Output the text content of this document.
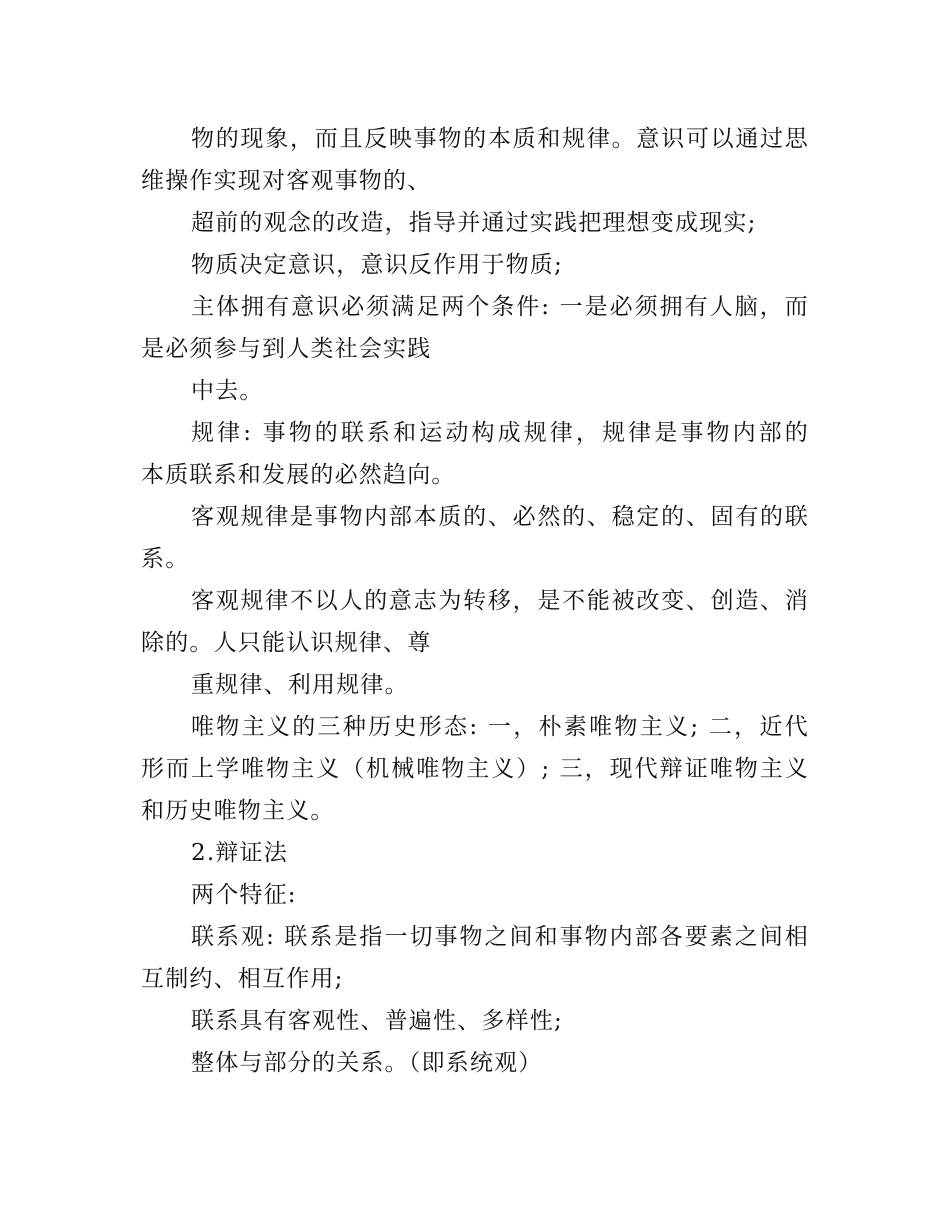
物的现象，而且反映事物的本质和规律。意识可以通过思
维操作实现对客观事物的、
超前的观念的改造，指导并通过实践把理想变成现实;
物质决定意识，意识反作用于物质;
主体拥有意识必须满足两个条件: 一是必须拥有人脑，而
是必须参与到人类社会实践
中去。
规律: 事物的联系和运动构成规律，规律是事物内部的
本质联系和发展的必然趋向。
客观规律是事物内部本质的、必然的、稳定的、固有的联
系。
客观规律不以人的意志为转移，是不能被改变、创造、消
除的。人只能认识规律、尊
重规律、利用规律。
唯物主义的三种历史形态: 一，朴素唯物主义; 二，近代
形而上学唯物主义（机械唯物主义）; 三，现代辩证唯物主义
和历史唯物主义。
2.辩证法
两个特征:
联系观: 联系是指一切事物之间和事物内部各要素之间相
互制约、相互作用;
联系具有客观性、普遍性、多样性;
整体与部分的关系。（即系统观）
